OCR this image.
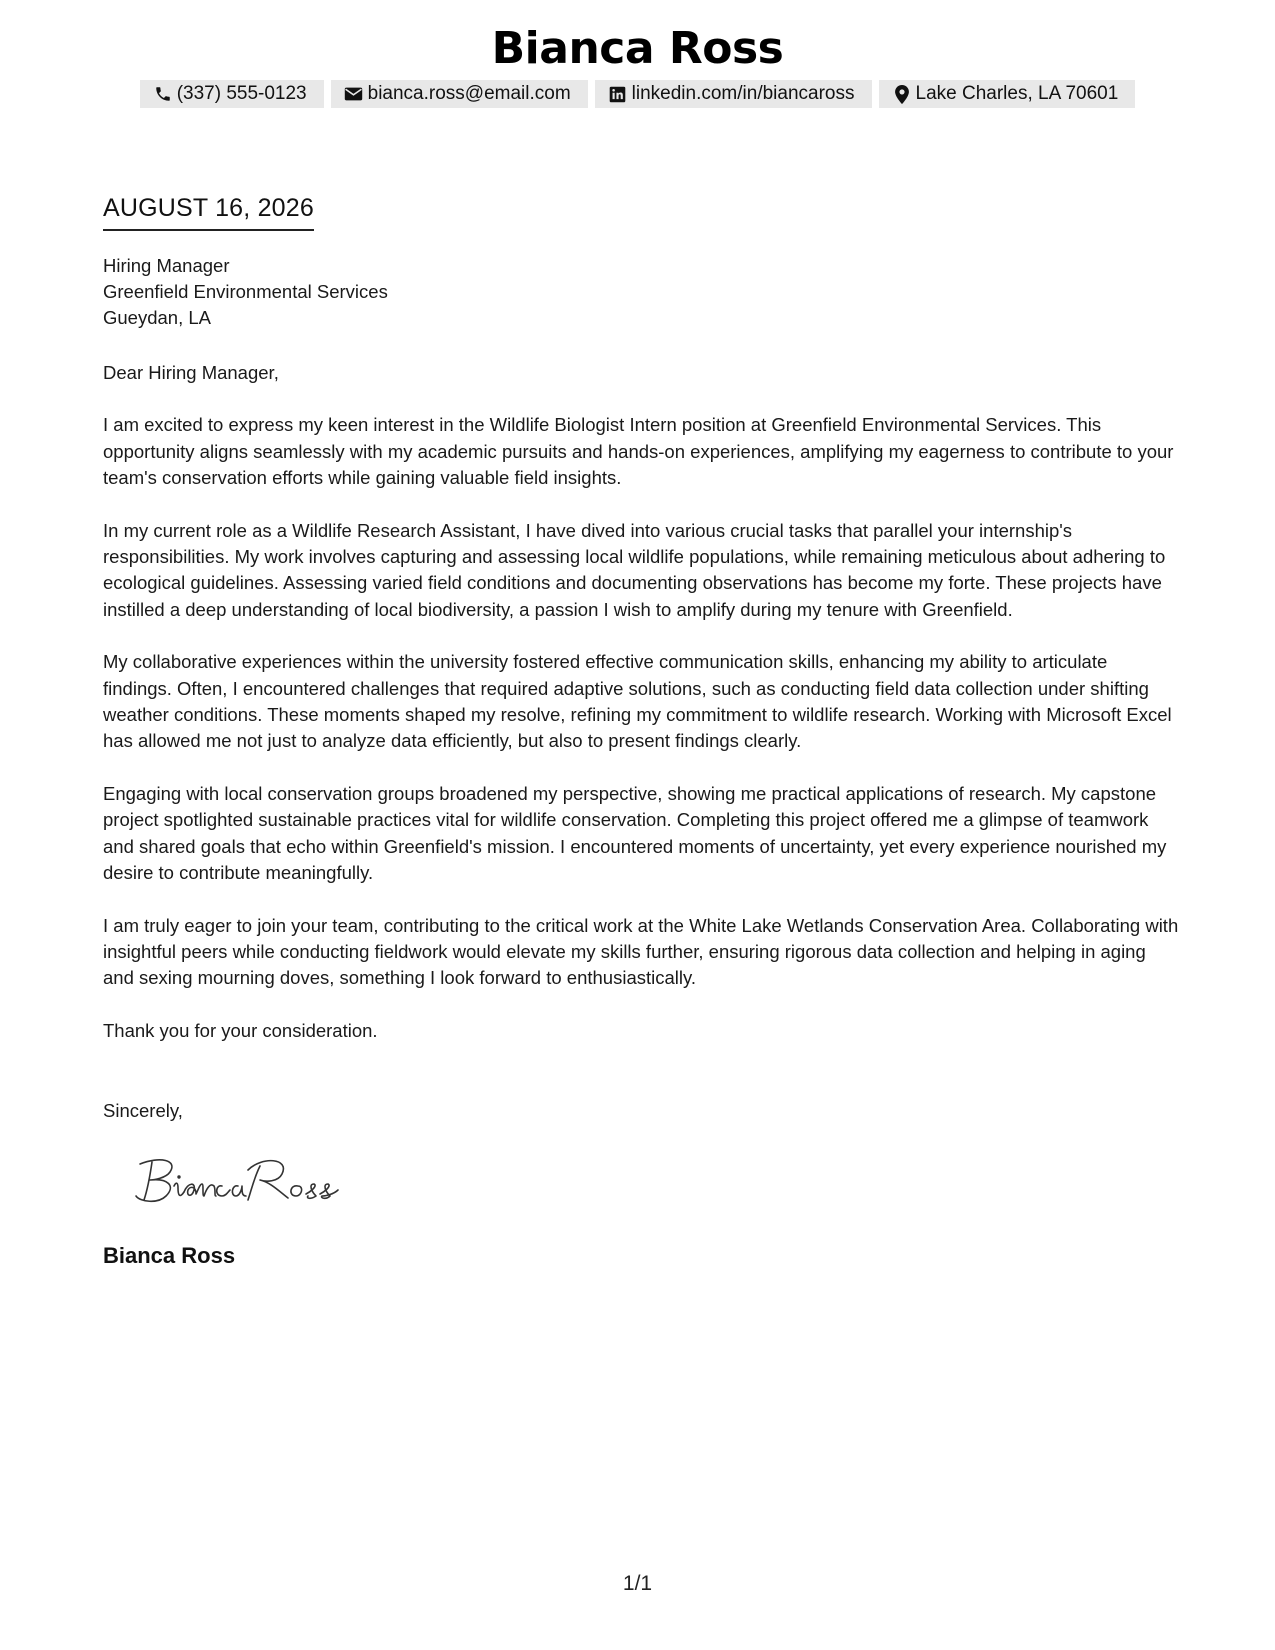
Bianca Ross
(337) 555-0123	bianca.ross@email.com	linkedin.com/in/biancaross	Lake Charles, LA 70601
AUGUST 16, 2026
Hiring Manager
Greenfield Environmental Services
Gueydan, LA

Dear Hiring Manager,

I am excited to express my keen interest in the Wildlife Biologist Intern position at Greenfield Environmental Services. This opportunity aligns seamlessly with my academic pursuits and hands-on experiences, amplifying my eagerness to contribute to your team's conservation efforts while gaining valuable field insights.

In my current role as a Wildlife Research Assistant, I have dived into various crucial tasks that parallel your internship's responsibilities. My work involves capturing and assessing local wildlife populations, while remaining meticulous about adhering to ecological guidelines. Assessing varied field conditions and documenting observations has become my forte. These projects have instilled a deep understanding of local biodiversity, a passion I wish to amplify during my tenure with Greenfield.

My collaborative experiences within the university fostered effective communication skills, enhancing my ability to articulate findings. Often, I encountered challenges that required adaptive solutions, such as conducting field data collection under shifting weather conditions. These moments shaped my resolve, refining my commitment to wildlife research. Working with Microsoft Excel has allowed me not just to analyze data efficiently, but also to present findings clearly.

Engaging with local conservation groups broadened my perspective, showing me practical applications of research. My capstone project spotlighted sustainable practices vital for wildlife conservation. Completing this project offered me a glimpse of teamwork and shared goals that echo within Greenfield's mission. I encountered moments of uncertainty, yet every experience nourished my desire to contribute meaningfully.

I am truly eager to join your team, contributing to the critical work at the White Lake Wetlands Conservation Area. Collaborating with insightful peers while conducting fieldwork would elevate my skills further, ensuring rigorous data collection and helping in aging and sexing mourning doves, something I look forward to enthusiastically.

Thank you for your consideration.

Sincerely,
Bianca Ross
1/1
